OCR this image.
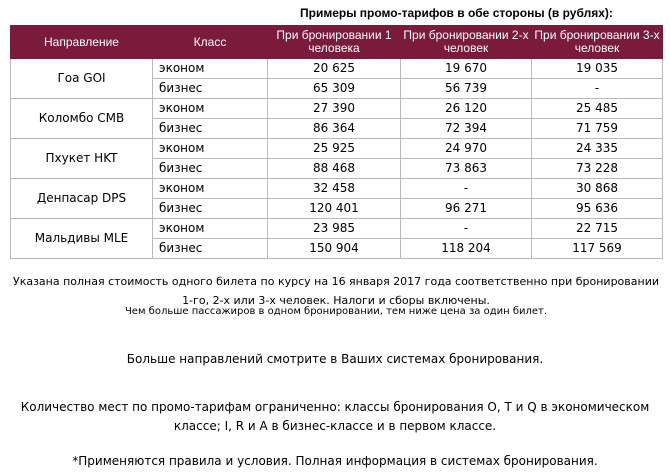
Примеры промо-тарифов в обе стороны (в рублях):
Направление	Класс	При бронировании 1 человека	При бронировании 2-х человек	При бронировании 3-х человек
Гоа GOI	эконом	20 625	19 670	19 035
	бизнес	65 309	56 739	-
Коломбо CMB	эконом	27 390	26 120	25 485
	бизнес	86 364	72 394	71 759
Пхукет HKT	эконом	25 925	24 970	24 335
	бизнес	88 468	73 863	73 228
Денпасар DPS	эконом	32 458	-	30 868
	бизнес	120 401	96 271	95 636
Мальдивы MLE	эконом	23 985	-	22 715
	бизнес	150 904	118 204	117 569
Указана полная стоимость одного билета по курсу на 16 января 2017 года соответственно при бронировании 1-го, 2-х или 3-х человек. Налоги и сборы включены.
Чем больше пассажиров в одном бронировании, тем ниже цена за один билет.
Больше направлений смотрите в Ваших системах бронирования.
Количество мест по промо-тарифам ограниченно: классы бронирования O, T и Q в экономическом классе; I, R и A в бизнес-классе и в первом классе.
*Применяются правила и условия. Полная информация в системах бронирования.
